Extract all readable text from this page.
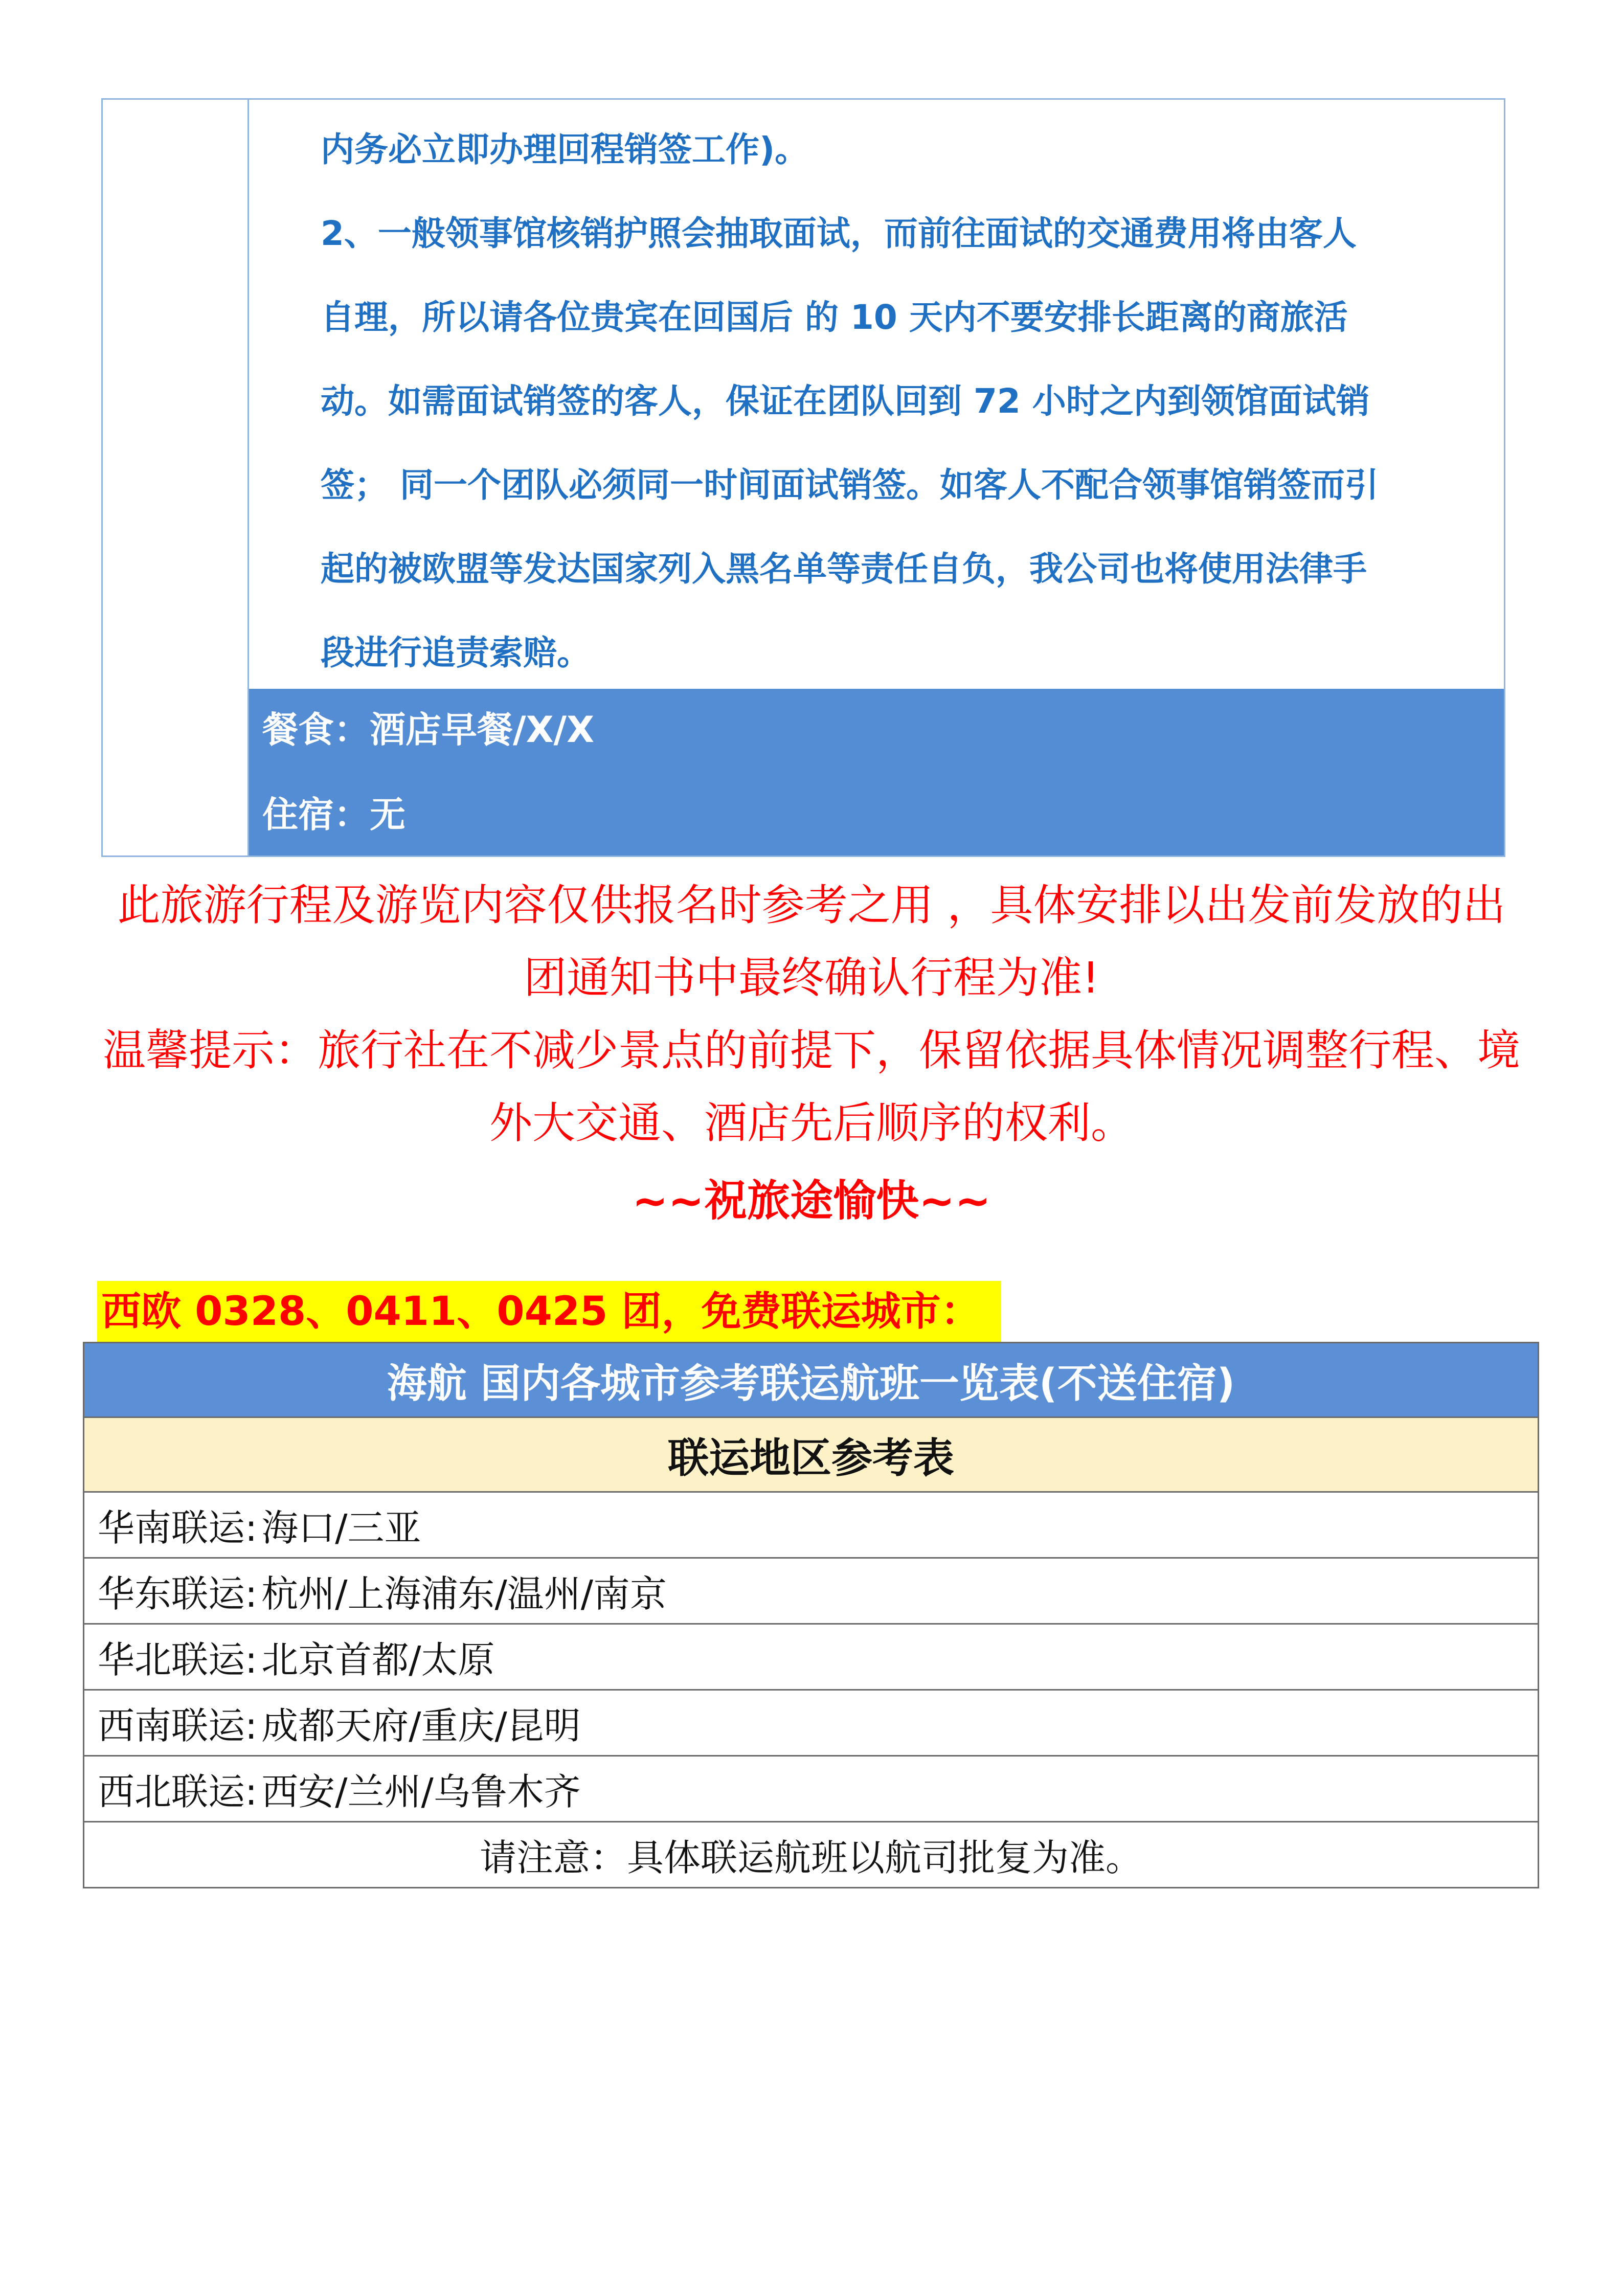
内务必立即办理回程销签工作)。
2、一般领事馆核销护照会抽取面试，而前往面试的交通费用将由客人
自理，所以请各位贵宾在回国后 的 10 天内不要安排长距离的商旅活
动。如需面试销签的客人，保证在团队回到 72 小时之内到领馆面试销
签； 同一个团队必须同一时间面试销签。如客人不配合领事馆销签而引
起的被欧盟等发达国家列入黑名单等责任自负，我公司也将使用法律手
段进行追责索赔。
餐食：酒店早餐/X/X
住宿：无
此旅游行程及游览内容仅供报名时参考之用 ，具体安排以出发前发放的出
团通知书中最终确认行程为准!
温馨提示：旅行社在不减少景点的前提下，保留依据具体情况调整行程、境
外大交通、酒店先后顺序的权利。
~~祝旅途愉快~~
西欧 0328、0411、0425 团，免费联运城市：
海航 国内各城市参考联运航班一览表(不送住宿)
联运地区参考表
华南联运: 海口/三亚
华东联运: 杭州/上海浦东/温州/南京
华北联运: 北京首都/太原
西南联运: 成都天府/重庆/昆明
西北联运: 西安/兰州/乌鲁木齐
请注意：具体联运航班以航司批复为准。
